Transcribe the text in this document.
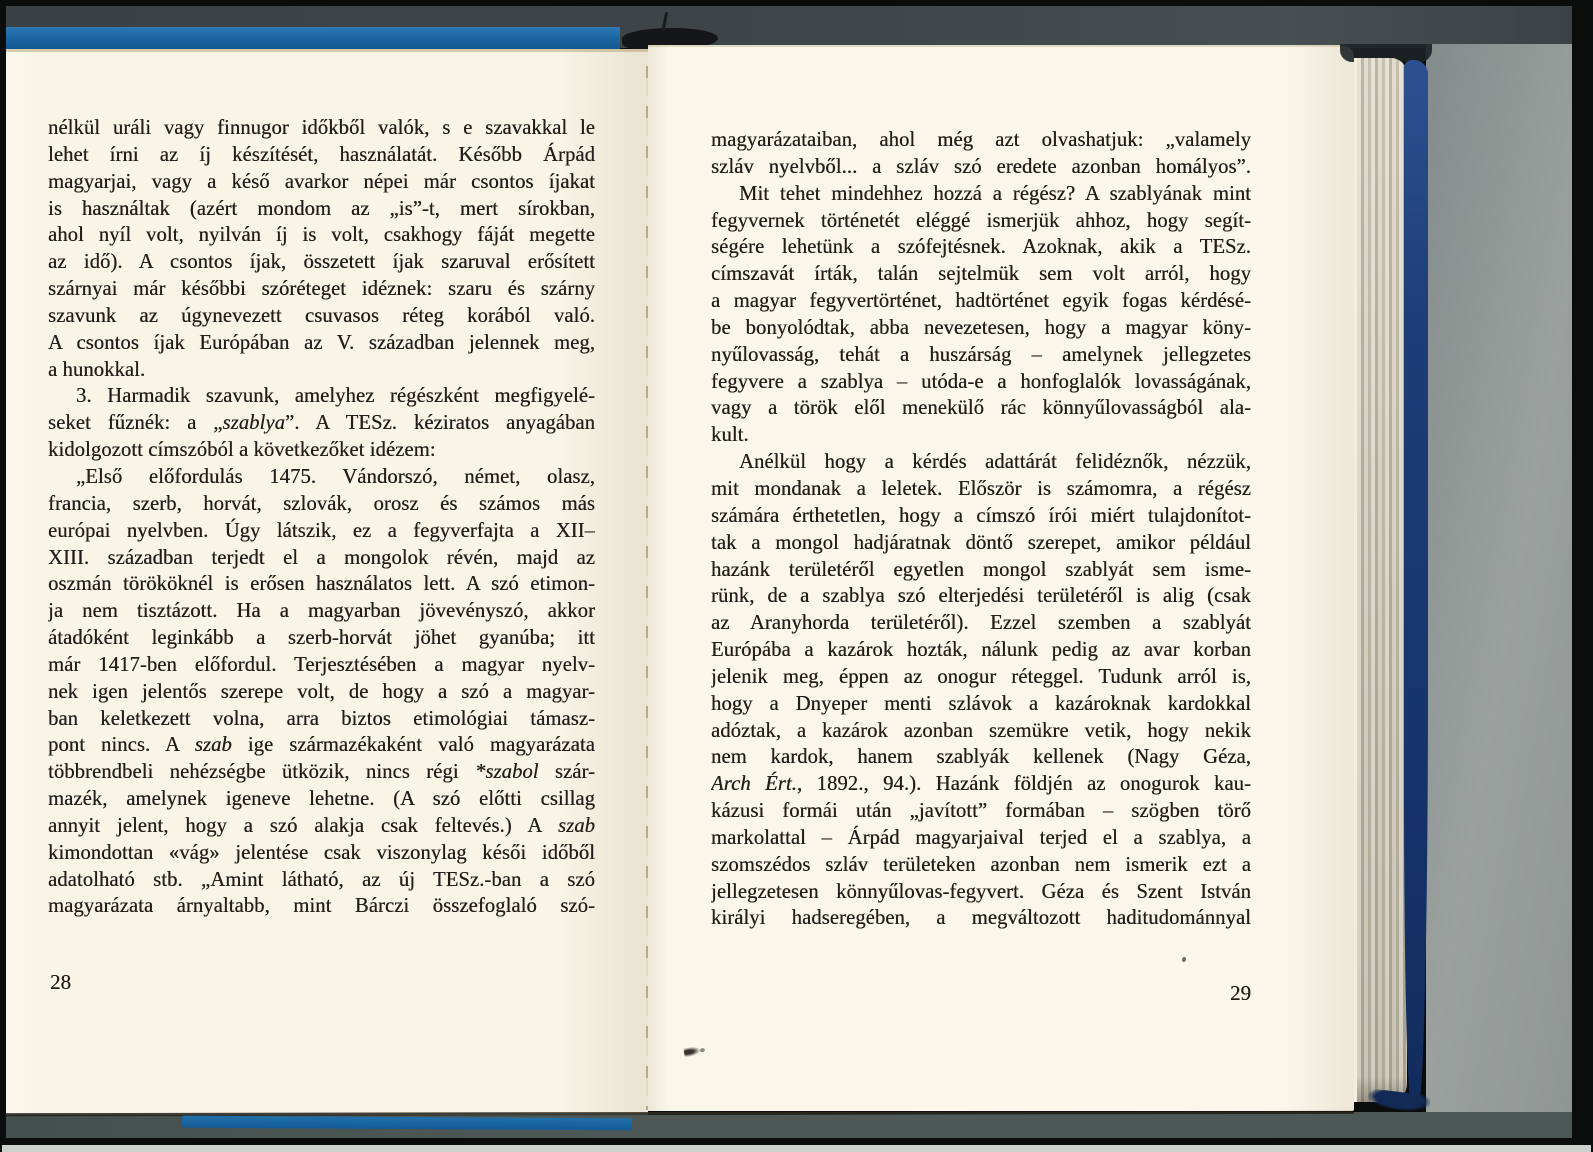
nélkül uráli vagy finnugor időkből valók, s e szavakkal le
lehet írni az íj készítését, használatát. Később Árpád
magyarjai, vagy a késő avarkor népei már csontos íjakat
is használtak (azért mondom az „is”-t, mert sírokban,
ahol nyíl volt, nyilván íj is volt, csakhogy fáját megette
az idő). A csontos íjak, összetett íjak szaruval erősített
szárnyai már későbbi szóréteget idéznek: szaru és szárny
szavunk az úgynevezett csuvasos réteg korából való.
A csontos íjak Európában az V. században jelennek meg,
a hunokkal.
3. Harmadik szavunk, amelyhez régészként megfigyelé-
seket fűznék: a „szablya”. A TESz. kéziratos anyagában
kidolgozott címszóból a következőket idézem:
„Első előfordulás 1475. Vándorszó, német, olasz,
francia, szerb, horvát, szlovák, orosz és számos más
európai nyelvben. Úgy látszik, ez a fegyverfajta a XII–
XIII. században terjedt el a mongolok révén, majd az
oszmán törököknél is erősen használatos lett. A szó etimon-
ja nem tisztázott. Ha a magyarban jövevényszó, akkor
átadóként leginkább a szerb-horvát jöhet gyanúba; itt
már 1417-ben előfordul. Terjesztésében a magyar nyelv-
nek igen jelentős szerepe volt, de hogy a szó a magyar-
ban keletkezett volna, arra biztos etimológiai támasz-
pont nincs. A szab ige származékaként való magyarázata
többrendbeli nehézségbe ütközik, nincs régi *szabol szár-
mazék, amelynek igeneve lehetne. (A szó előtti csillag
annyit jelent, hogy a szó alakja csak feltevés.) A szab
kimondottan «vág» jelentése csak viszonylag késői időből
adatolható stb. „Amint látható, az új TESz.-ban a szó
magyarázata árnyaltabb, mint Bárczi összefoglaló szó-
magyarázataiban, ahol még azt olvashatjuk: „valamely
szláv nyelvből... a szláv szó eredete azonban homályos”.
Mit tehet mindehhez hozzá a régész? A szablyának mint
fegyvernek történetét eléggé ismerjük ahhoz, hogy segít-
ségére lehetünk a szófejtésnek. Azoknak, akik a TESz.
címszavát írták, talán sejtelmük sem volt arról, hogy
a magyar fegyvertörténet, hadtörténet egyik fogas kérdésé-
be bonyolódtak, abba nevezetesen, hogy a magyar köny-
nyűlovasság, tehát a huszárság – amelynek jellegzetes
fegyvere a szablya – utóda-e a honfoglalók lovasságának,
vagy a török elől menekülő rác könnyűlovasságból ala-
kult.
Anélkül hogy a kérdés adattárát felidéznők, nézzük,
mit mondanak a leletek. Először is számomra, a régész
számára érthetetlen, hogy a címszó írói miért tulajdonítot-
tak a mongol hadjáratnak döntő szerepet, amikor például
hazánk területéről egyetlen mongol szablyát sem isme-
rünk, de a szablya szó elterjedési területéről is alig (csak
az Aranyhorda területéről). Ezzel szemben a szablyát
Európába a kazárok hozták, nálunk pedig az avar korban
jelenik meg, éppen az onogur réteggel. Tudunk arról is,
hogy a Dnyeper menti szlávok a kazároknak kardokkal
adóztak, a kazárok azonban szemükre vetik, hogy nekik
nem kardok, hanem szablyák kellenek (Nagy Géza,
Arch Ért., 1892., 94.). Hazánk földjén az onogurok kau-
kázusi formái után „javított” formában – szögben törő
markolattal – Árpád magyarjaival terjed el a szablya, a
szomszédos szláv területeken azonban nem ismerik ezt a
jellegzetesen könnyűlovas-fegyvert. Géza és Szent István
királyi hadseregében, a megváltozott haditudománnyal
28	29
